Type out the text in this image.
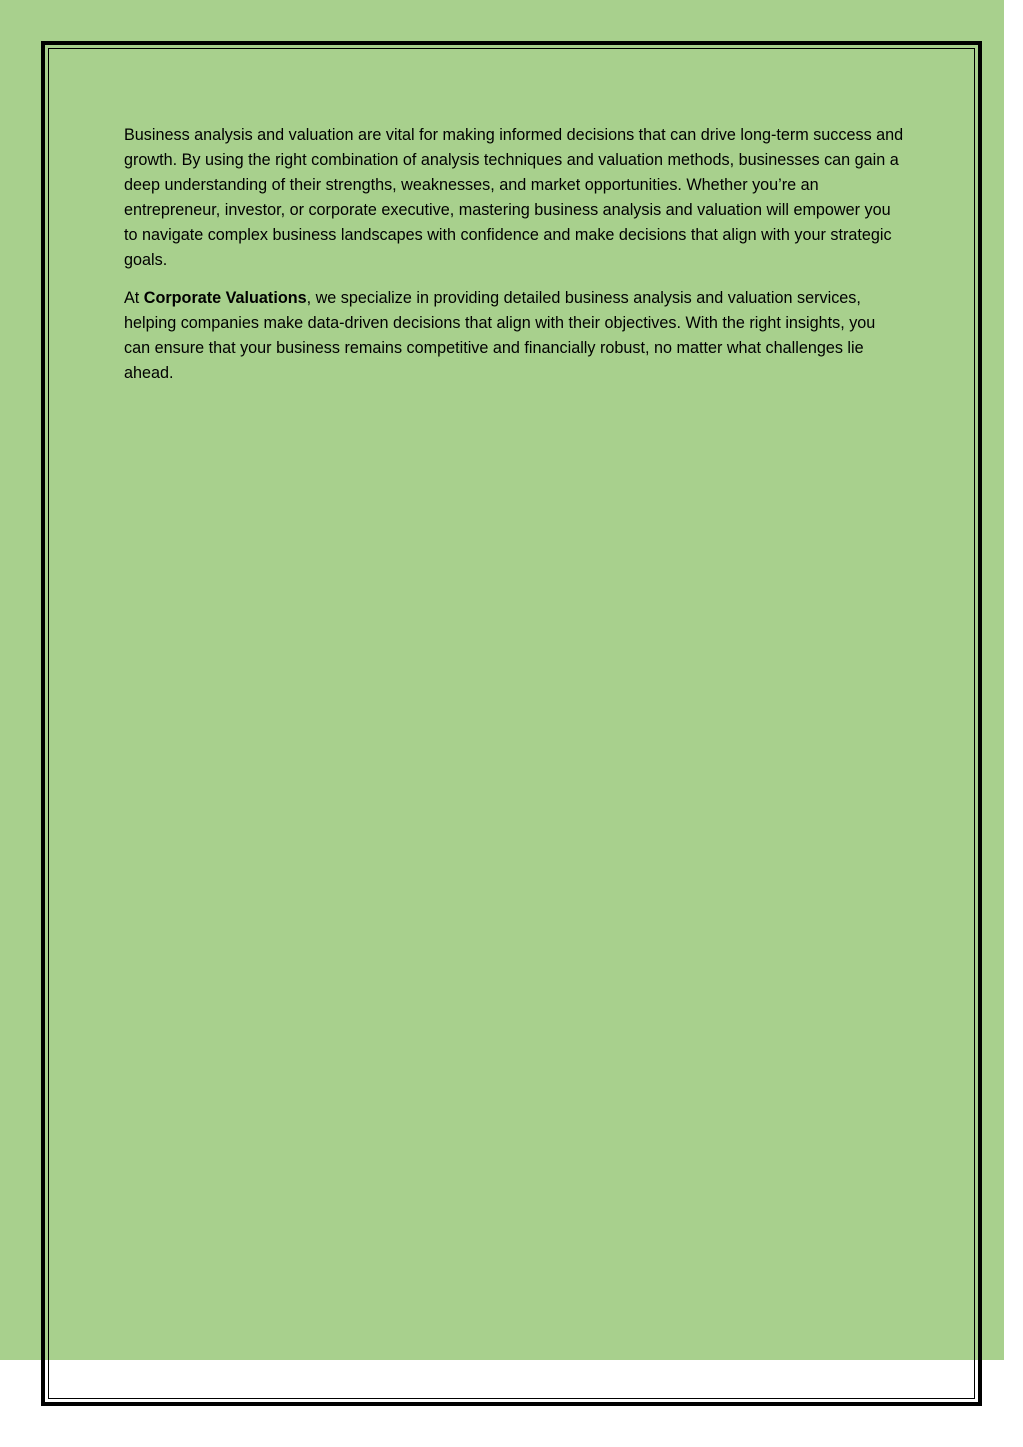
Business analysis and valuation are vital for making informed decisions that can drive long-term success and growth. By using the right combination of analysis techniques and valuation methods, businesses can gain a deep understanding of their strengths, weaknesses, and market opportunities. Whether you’re an entrepreneur, investor, or corporate executive, mastering business analysis and valuation will empower you to navigate complex business landscapes with confidence and make decisions that align with your strategic goals.

At Corporate Valuations, we specialize in providing detailed business analysis and valuation services, helping companies make data-driven decisions that align with their objectives. With the right insights, you can ensure that your business remains competitive and financially robust, no matter what challenges lie ahead.
